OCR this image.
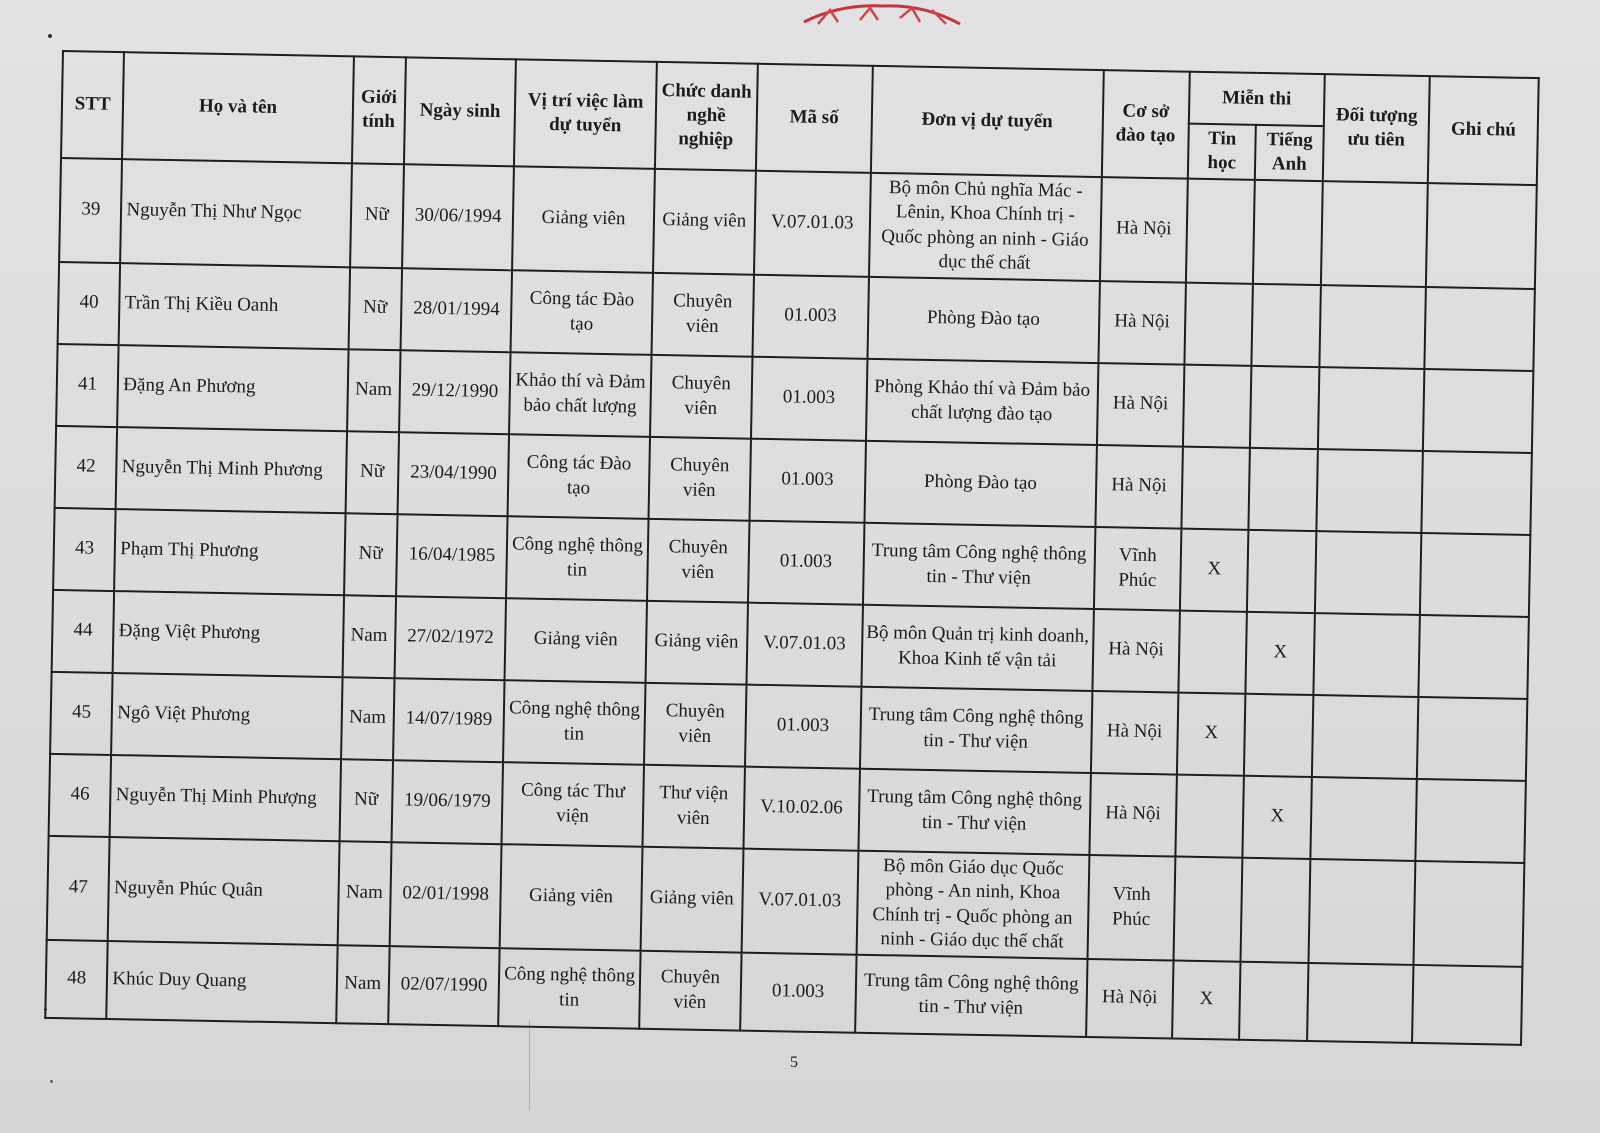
STT	Họ và tên	Giới tính	Ngày sinh	Vị trí việc làm dự tuyển	Chức danh nghề nghiệp	Mã số	Đơn vị dự tuyển	Cơ sở đào tạo	Miễn thi		Đối tượng ưu tiên	Ghi chú
									Tin học	Tiếng Anh		
39	Nguyễn Thị Như Ngọc	Nữ	30/06/1994	Giảng viên	Giảng viên	V.07.01.03	Bộ môn Chủ nghĩa Mác - Lênin, Khoa Chính trị - Quốc phòng an ninh - Giáo dục thể chất	Hà Nội				
40	Trần Thị Kiều Oanh	Nữ	28/01/1994	Công tác Đào tạo	Chuyên viên	01.003	Phòng Đào tạo	Hà Nội				
41	Đặng An Phương	Nam	29/12/1990	Khảo thí và Đảm bảo chất lượng	Chuyên viên	01.003	Phòng Khảo thí và Đảm bảo chất lượng đào tạo	Hà Nội				
42	Nguyễn Thị Minh Phương	Nữ	23/04/1990	Công tác Đào tạo	Chuyên viên	01.003	Phòng Đào tạo	Hà Nội				
43	Phạm Thị Phương	Nữ	16/04/1985	Công nghệ thông tin	Chuyên viên	01.003	Trung tâm Công nghệ thông tin - Thư viện	Vĩnh Phúc	X			
44	Đặng Việt Phương	Nam	27/02/1972	Giảng viên	Giảng viên	V.07.01.03	Bộ môn Quản trị kinh doanh, Khoa Kinh tế vận tải	Hà Nội		X		
45	Ngô Việt Phương	Nam	14/07/1989	Công nghệ thông tin	Chuyên viên	01.003	Trung tâm Công nghệ thông tin - Thư viện	Hà Nội	X			
46	Nguyễn Thị Minh Phượng	Nữ	19/06/1979	Công tác Thư viện	Thư viện viên	V.10.02.06	Trung tâm Công nghệ thông tin - Thư viện	Hà Nội		X		
47	Nguyễn Phúc Quân	Nam	02/01/1998	Giảng viên	Giảng viên	V.07.01.03	Bộ môn Giáo dục Quốc phòng - An ninh, Khoa Chính trị - Quốc phòng an ninh - Giáo dục thể chất	Vĩnh Phúc				
48	Khúc Duy Quang	Nam	02/07/1990	Công nghệ thông tin	Chuyên viên	01.003	Trung tâm Công nghệ thông tin - Thư viện	Hà Nội	X			
5
